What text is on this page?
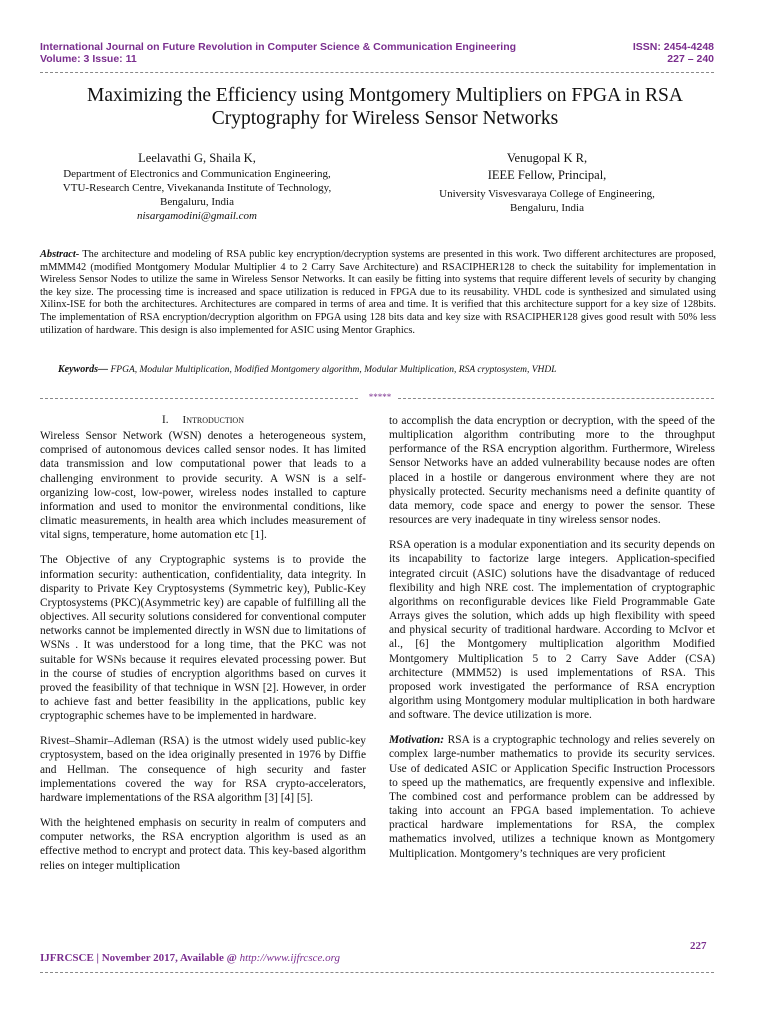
International Journal on Future Revolution in Computer Science & Communication Engineering
Volume: 3 Issue: 11
ISSN: 2454-4248
227 – 240
Maximizing the Efficiency using Montgomery Multipliers on FPGA in RSA
Cryptography for Wireless Sensor Networks
Leelavathi G, Shaila K,
Department of Electronics and Communication Engineering,
VTU-Research Centre, Vivekananda Institute of Technology,
Bengaluru, India
nisargamodini@gmail.com
Venugopal K R,
IEEE Fellow, Principal,
University Visvesvaraya College of Engineering,
Bengaluru, India
Abstract- The architecture and modeling of RSA public key encryption/decryption systems are presented in this work. Two different architectures are proposed, mMMM42 (modified Montgomery Modular Multiplier 4 to 2 Carry Save Architecture) and RSACIPHER128 to check the suitability for implementation in Wireless Sensor Nodes to utilize the same in Wireless Sensor Networks. It can easily be fitting into systems that require different levels of security by changing the key size. The processing time is increased and space utilization is reduced in FPGA due to its reusability. VHDL code is synthesized and simulated using Xilinx-ISE for both the architectures. Architectures are compared in terms of area and time. It is verified that this architecture support for a key size of 128bits. The implementation of RSA encryption/decryption algorithm on FPGA using 128 bits data and key size with RSACIPHER128 gives good result with 50% less utilization of hardware. This design is also implemented for ASIC using Mentor Graphics.
Keywords— FPGA, Modular Multiplication, Modified Montgomery algorithm, Modular Multiplication, RSA cryptosystem, VHDL
*****

I. Introduction

Wireless Sensor Network (WSN) denotes a heterogeneous system, comprised of autonomous devices called sensor nodes. It has limited data transmission and low computational power that leads to a challenging environment to provide security. A WSN is a self-organizing low-cost, low-power, wireless nodes installed to capture information and used to monitor the environmental conditions, like climatic measurements, in health area which includes measurement of vital signs, temperature, home automation etc [1].

The Objective of any Cryptographic systems is to provide the information security: authentication, confidentiality, data integrity. In disparity to Private Key Cryptosystems (Symmetric key), Public-Key Cryptosystems (PKC)(Asymmetric key) are capable of fulfilling all the objectives. All security solutions considered for conventional computer networks cannot be implemented directly in WSN due to limitations of WSNs . It was understood for a long time, that the PKC was not suitable for WSNs because it requires elevated processing power. But in the course of studies of encryption algorithms based on curves it proved the feasibility of that technique in WSN [2]. However, in order to achieve fast and better feasibility in the applications, public key cryptographic schemes have to be implemented in hardware.

Rivest–Shamir–Adleman (RSA) is the utmost widely used public-key cryptosystem, based on the idea originally presented in 1976 by Diffie and Hellman. The consequence of high security and faster implementations covered the way for RSA crypto-accelerators, hardware implementations of the RSA algorithm [3] [4] [5].

With the heightened emphasis on security in realm of computers and computer networks, the RSA encryption algorithm is used as an effective method to encrypt and protect data. This key-based algorithm relies on integer multiplication

to accomplish the data encryption or decryption, with the speed of the multiplication algorithm contributing more to the throughput performance of the RSA encryption algorithm. Furthermore, Wireless Sensor Networks have an added vulnerability because nodes are often placed in a hostile or dangerous environment where they are not physically protected. Security mechanisms need a definite quantity of data memory, code space and energy to power the sensor. These resources are very inadequate in tiny wireless sensor nodes.

RSA operation is a modular exponentiation and its security depends on its incapability to factorize large integers. Application-specified integrated circuit (ASIC) solutions have the disadvantage of reduced flexibility and high NRE cost. The implementation of cryptographic algorithms on reconfigurable devices like Field Programmable Gate Arrays gives the solution, which adds up high flexibility with speed and physical security of traditional hardware. According to McIvor et al., [6] the Montgomery multiplication algorithm Modified Montgomery Multiplication 5 to 2 Carry Save Adder (CSA) architecture (MMM52) is used implementations of RSA. This proposed work investigated the performance of RSA encryption algorithm using Montgomery modular multiplication in both hardware and software. The device utilization is more.

Motivation: RSA is a cryptographic technology and relies severely on complex large-number mathematics to provide its security services. Use of dedicated ASIC or Application Specific Instruction Processors to speed up the mathematics, are frequently expensive and inflexible. The combined cost and performance problem can be addressed by taking into account an FPGA based implementation. To achieve practical hardware implementations for RSA, the complex mathematics involved, utilizes a technique known as Montgomery Multiplication. Montgomery’s techniques are very proficient

227
IJFRCSCE | November 2017, Available @ http://www.ijfrcsce.org
